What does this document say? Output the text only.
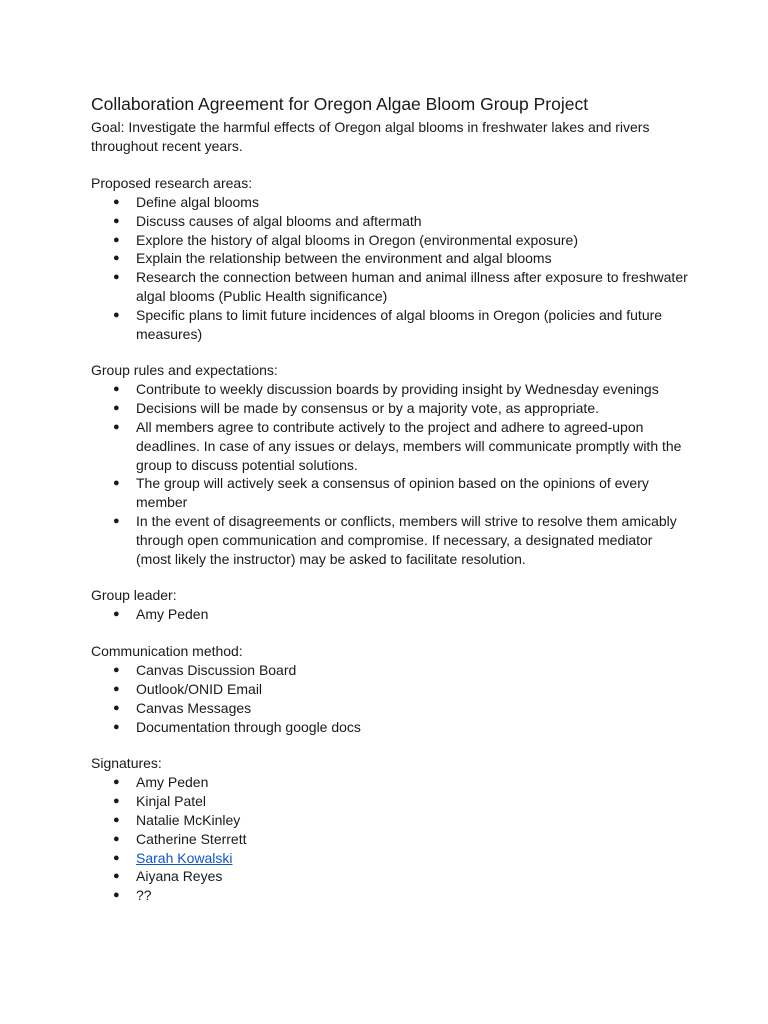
Collaboration Agreement for Oregon Algae Bloom Group Project

Goal: Investigate the harmful effects of Oregon algal blooms in freshwater lakes and rivers throughout recent years.

Proposed research areas:

● Define algal blooms
● Discuss causes of algal blooms and aftermath
● Explore the history of algal blooms in Oregon (environmental exposure)
● Explain the relationship between the environment and algal blooms
● Research the connection between human and animal illness after exposure to freshwater algal blooms (Public Health significance)
● Specific plans to limit future incidences of algal blooms in Oregon (policies and future measures)

Group rules and expectations:

● Contribute to weekly discussion boards by providing insight by Wednesday evenings
● Decisions will be made by consensus or by a majority vote, as appropriate.
● All members agree to contribute actively to the project and adhere to agreed-upon deadlines. In case of any issues or delays, members will communicate promptly with the group to discuss potential solutions.
● The group will actively seek a consensus of opinion based on the opinions of every member
● In the event of disagreements or conflicts, members will strive to resolve them amicably through open communication and compromise. If necessary, a designated mediator (most likely the instructor) may be asked to facilitate resolution.

Group leader:

● Amy Peden

Communication method:

● Canvas Discussion Board
● Outlook/ONID Email
● Canvas Messages
● Documentation through google docs

Signatures:

● Amy Peden
● Kinjal Patel
● Natalie McKinley
● Catherine Sterrett
● Sarah Kowalski
● Aiyana Reyes
● ??
